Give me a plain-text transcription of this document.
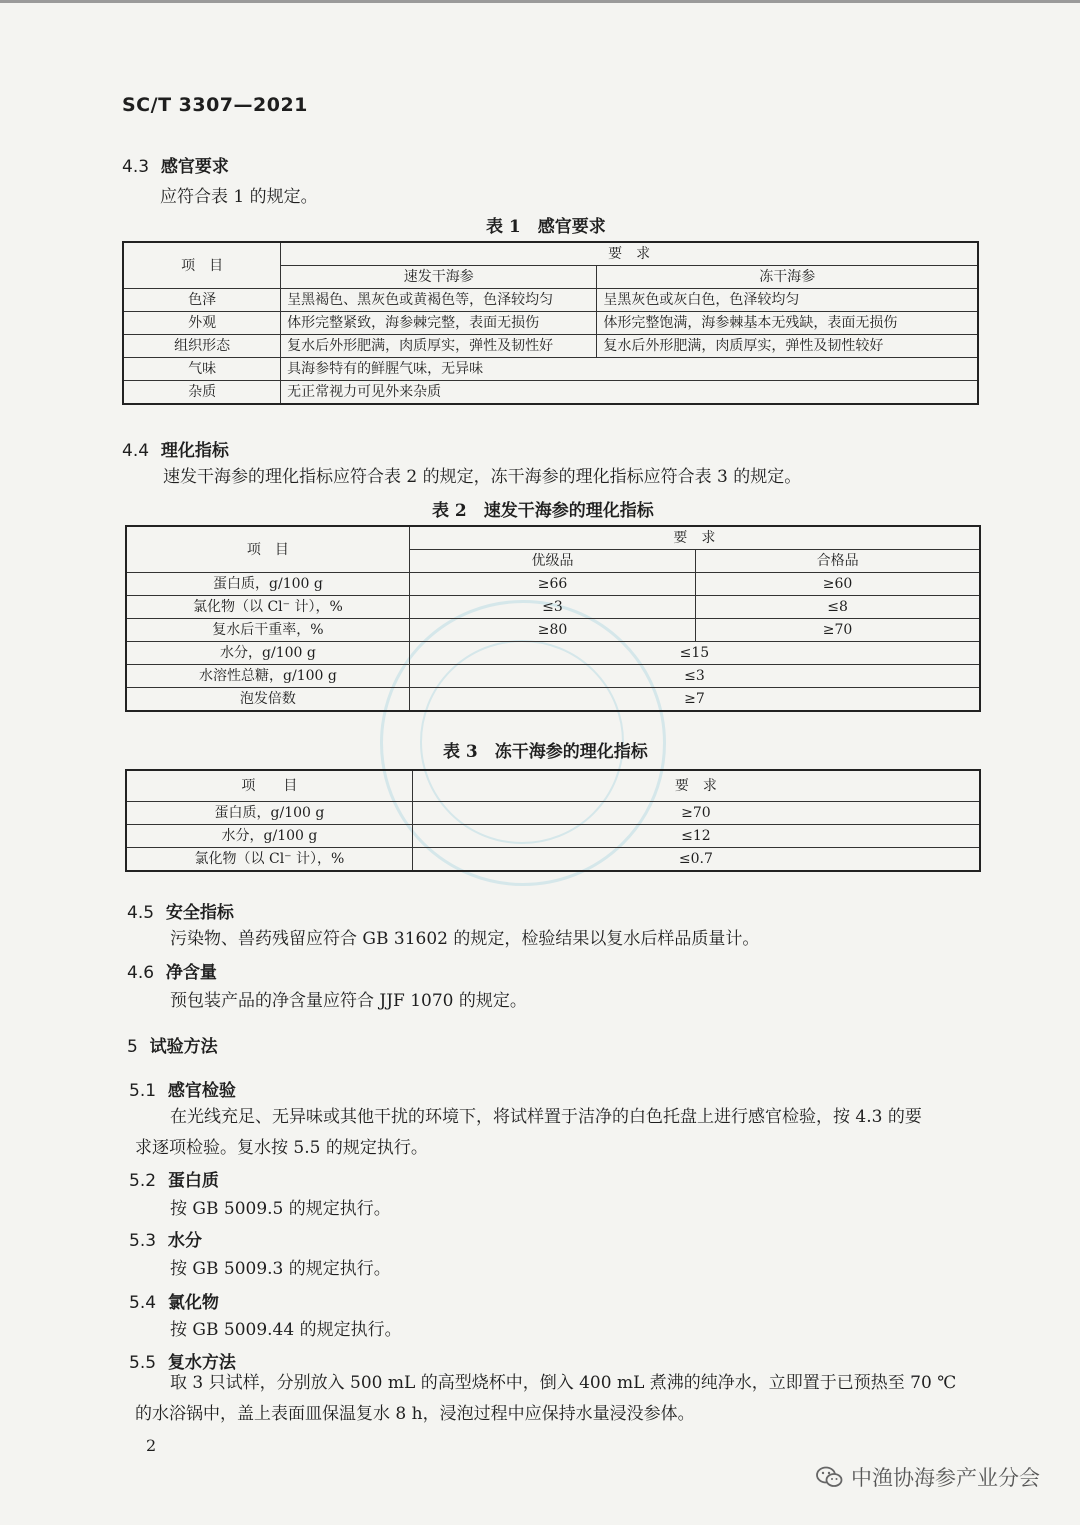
SC/T 3307—2021
4.3 感官要求
应符合表 1 的规定。
表 1　感官要求
项　目	要　求	
	速发干海参	冻干海参
色泽	呈黑褐色、黑灰色或黄褐色等，色泽较均匀	呈黑灰色或灰白色，色泽较均匀
外观	体形完整紧致，海参棘完整，表面无损伤	体形完整饱满，海参棘基本无残缺，表面无损伤
组织形态	复水后外形肥满，肉质厚实，弹性及韧性好	复水后外形肥满，肉质厚实，弹性及韧性较好
气味	具海参特有的鲜腥气味，无异味	
杂质	无正常视力可见外来杂质	
4.4 理化指标
速发干海参的理化指标应符合表 2 的规定，冻干海参的理化指标应符合表 3 的规定。
表 2　速发干海参的理化指标
项　目	要　求	
	优级品	合格品
蛋白质，g/100 g	≥66	≥60
氯化物（以 Cl⁻ 计），%	≤3	≤8
复水后干重率，%	≥80	≥70
水分，g/100 g	≤15	
水溶性总糖，g/100 g	≤3	
泡发倍数	≥7	
表 3　冻干海参的理化指标
项　　目	要　求
蛋白质，g/100 g	≥70
水分，g/100 g	≤12
氯化物（以 Cl⁻ 计），%	≤0.7
4.5 安全指标
污染物、兽药残留应符合 GB 31602 的规定，检验结果以复水后样品质量计。
4.6 净含量
预包装产品的净含量应符合 JJF 1070 的规定。
5 试验方法
5.1 感官检验
在光线充足、无异味或其他干扰的环境下，将试样置于洁净的白色托盘上进行感官检验，按 4.3 的要
求逐项检验。复水按 5.5 的规定执行。
5.2 蛋白质
按 GB 5009.5 的规定执行。
5.3 水分
按 GB 5009.3 的规定执行。
5.4 氯化物
按 GB 5009.44 的规定执行。
5.5 复水方法
取 3 只试样，分别放入 500 mL 的高型烧杯中，倒入 400 mL 煮沸的纯净水，立即置于已预热至 70 ℃
的水浴锅中，盖上表面皿保温复水 8 h，浸泡过程中应保持水量浸没参体。
2
中渔协海参产业分会
